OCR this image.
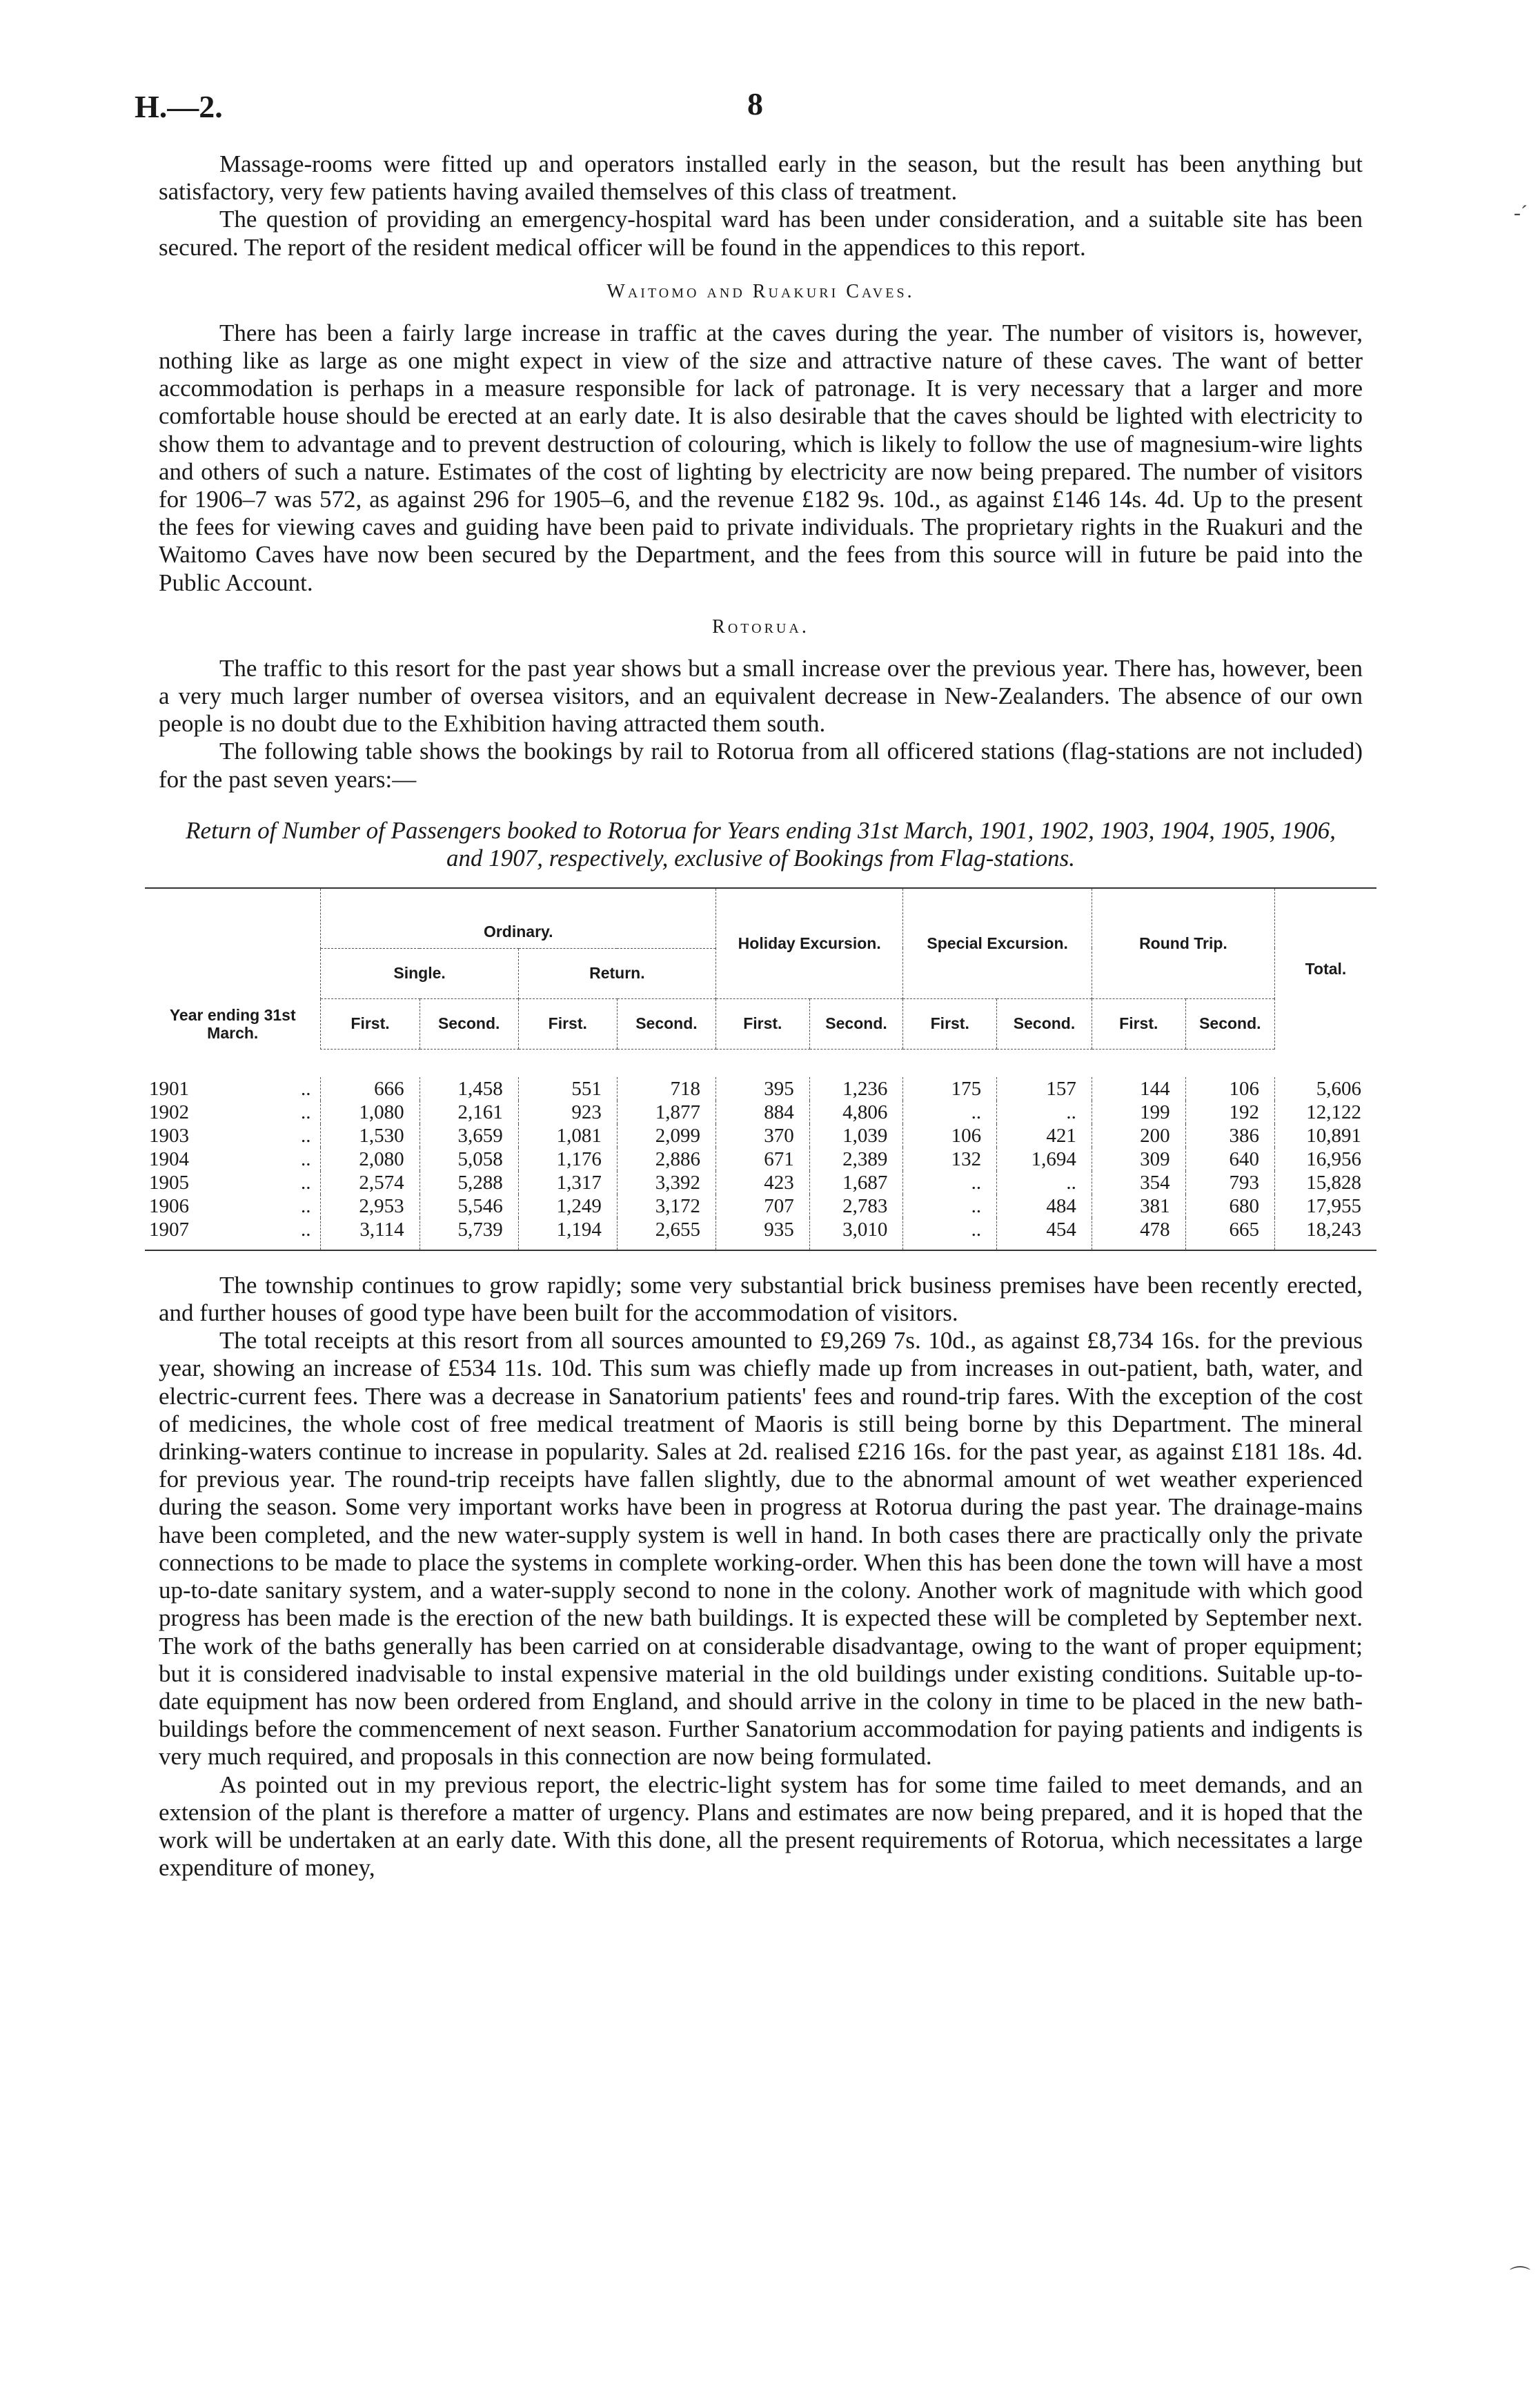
H.—2.	8

Massage-rooms were fitted up and operators installed early in the season, but the result has been anything but satisfactory, very few patients having availed themselves of this class of treatment.

The question of providing an emergency-hospital ward has been under consideration, and a suitable site has been secured. The report of the resident medical officer will be found in the appendices to this report.

Waitomo and Ruakuri Caves.

There has been a fairly large increase in traffic at the caves during the year. The number of visitors is, however, nothing like as large as one might expect in view of the size and attractive nature of these caves. The want of better accommodation is perhaps in a measure responsible for lack of patronage. It is very necessary that a larger and more comfortable house should be erected at an early date. It is also desirable that the caves should be lighted with electricity to show them to advantage and to prevent destruction of colouring, which is likely to follow the use of magnesium-wire lights and others of such a nature. Estimates of the cost of lighting by electricity are now being prepared. The number of visitors for 1906–7 was 572, as against 296 for 1905–6, and the revenue £182 9s. 10d., as against £146 14s. 4d. Up to the present the fees for viewing caves and guiding have been paid to private individuals. The proprietary rights in the Ruakuri and the Waitomo Caves have now been secured by the Department, and the fees from this source will in future be paid into the Public Account.

Rotorua.

The traffic to this resort for the past year shows but a small increase over the previous year. There has, however, been a very much larger number of oversea visitors, and an equivalent decrease in New-Zealanders. The absence of our own people is no doubt due to the Exhibition having attracted them south.

The following table shows the bookings by rail to Rotorua from all officered stations (flag-stations are not included) for the past seven years:—

Return of Number of Passengers booked to Rotorua for Years ending 31st March, 1901, 1902, 1903, 1904, 1905, 1906, and 1907, respectively, exclusive of Bookings from Flag-stations.
Year ending 31st March.		Ordinary.				Holiday Excursion.		Special Excursion.		Round Trip.		Total.
		Single.		Return.								
		First.	Second.	First.	Second.	First.	Second.	First.	Second.	First.	Second.	

1901	..	666	1,458	551	718	395	1,236	175	157	144	106	5,606
1902	..	1,080	2,161	923	1,877	884	4,806	..	..	199	192	12,122
1903	..	1,530	3,659	1,081	2,099	370	1,039	106	421	200	386	10,891
1904	..	2,080	5,058	1,176	2,886	671	2,389	132	1,694	309	640	16,956
1905	..	2,574	5,288	1,317	3,392	423	1,687	..	..	354	793	15,828
1906	..	2,953	5,546	1,249	3,172	707	2,783	..	484	381	680	17,955
1907	..	3,114	5,739	1,194	2,655	935	3,010	..	454	478	665	18,243

The township continues to grow rapidly; some very substantial brick business premises have been recently erected, and further houses of good type have been built for the accommodation of visitors.

The total receipts at this resort from all sources amounted to £9,269 7s. 10d., as against £8,734 16s. for the previous year, showing an increase of £534 11s. 10d. This sum was chiefly made up from increases in out-patient, bath, water, and electric-current fees. There was a decrease in Sanatorium patients' fees and round-trip fares. With the exception of the cost of medicines, the whole cost of free medical treatment of Maoris is still being borne by this Department. The mineral drinking-waters continue to increase in popularity. Sales at 2d. realised £216 16s. for the past year, as against £181 18s. 4d. for previous year. The round-trip receipts have fallen slightly, due to the abnormal amount of wet weather experienced during the season. Some very important works have been in progress at Rotorua during the past year. The drainage-mains have been completed, and the new water-supply system is well in hand. In both cases there are practically only the private connections to be made to place the systems in complete working-order. When this has been done the town will have a most up-to-date sanitary system, and a water-supply second to none in the colony. Another work of magnitude with which good progress has been made is the erection of the new bath buildings. It is expected these will be completed by September next. The work of the baths generally has been carried on at considerable disadvantage, owing to the want of proper equipment; but it is considered inadvisable to instal expensive material in the old buildings under existing conditions. Suitable up-to-date equipment has now been ordered from England, and should arrive in the colony in time to be placed in the new bath-buildings before the commencement of next season. Further Sanatorium accommodation for paying patients and indigents is very much required, and proposals in this connection are now being formulated.

As pointed out in my previous report, the electric-light system has for some time failed to meet demands, and an extension of the plant is therefore a matter of urgency. Plans and estimates are now being prepared, and it is hoped that the work will be undertaken at an early date. With this done, all the present requirements of Rotorua, which necessitates a large expenditure of money,

-´
⌒
